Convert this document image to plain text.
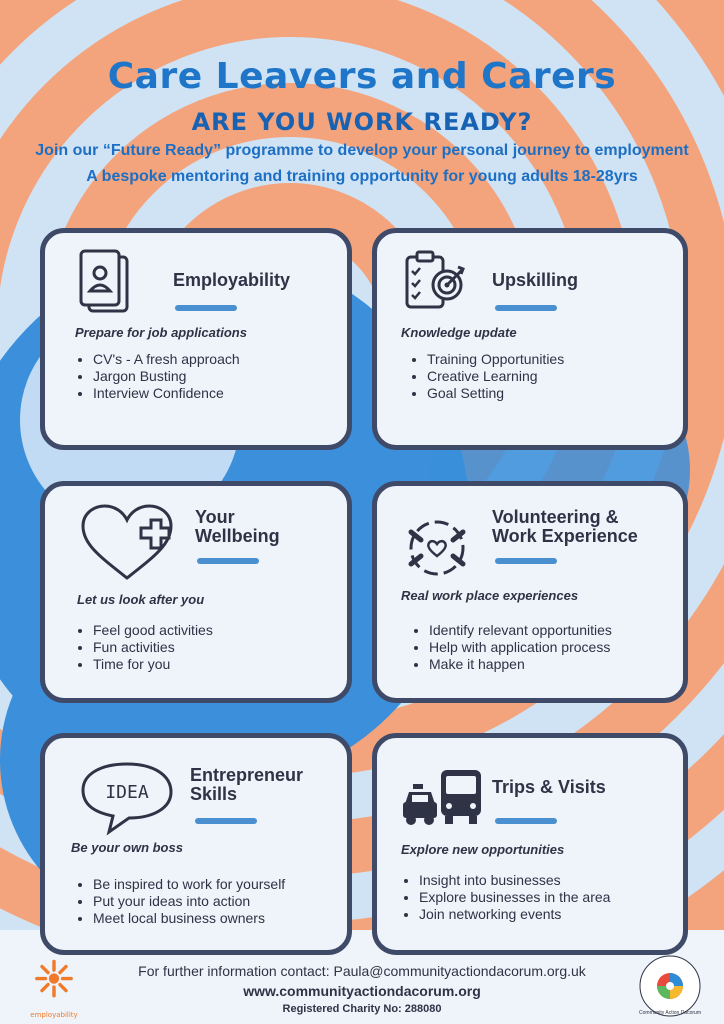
Care Leavers and Carers
ARE YOU WORK READY?
Join our “Future Ready” programme to develop your personal journey to employment
A bespoke mentoring and training opportunity for young adults 18-28yrs
Employability
Prepare for job applications
• CV's - A fresh approach
• Jargon Busting
• Interview Confidence
Upskilling
Knowledge update
• Training Opportunities
• Creative Learning
• Goal Setting
Your
Wellbeing
Let us look after you
• Feel good activities
• Fun activities
• Time for you
Volunteering &
Work Experience
Real work place experiences
• Identify relevant opportunities
• Help with application process
• Make it happen
IDEA
Entrepreneur
Skills
Be your own boss
• Be inspired to work for yourself
• Put your ideas into action
• Meet local business owners
Trips & Visits
Explore new opportunities
• Insight into businesses
• Explore businesses in the area
• Join networking events
For further information contact: Paula@communityactiondacorum.org.uk
www.communityactiondacorum.org
Registered Charity No: 288080
employability	Community Action Dacorum
